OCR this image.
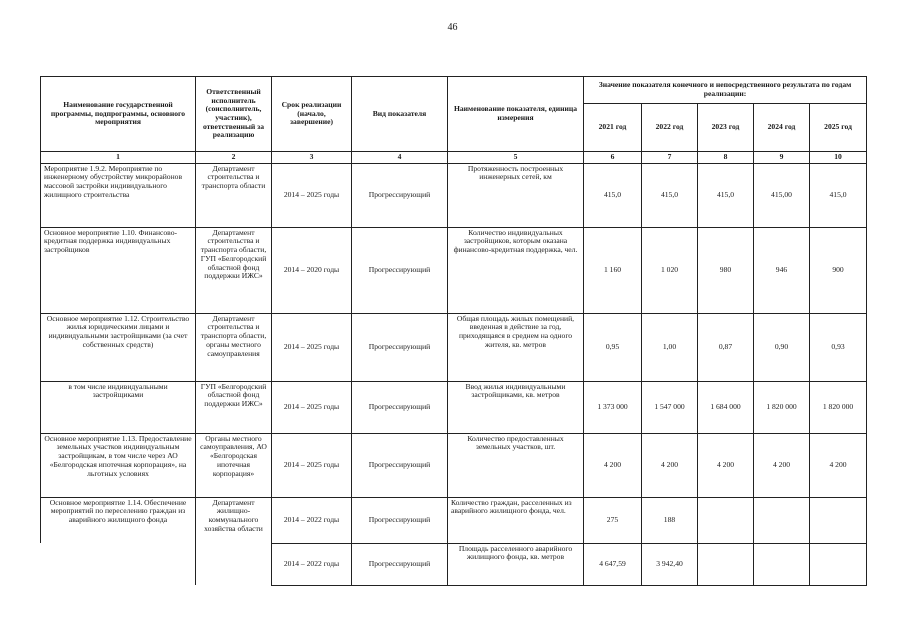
46
Наименование государственной программы, подпрограммы, основного мероприятия	Ответственный исполнитель (соисполнитель, участник), ответственный за реализацию	Срок реализации (начало, завершение)	Вид показателя	Наименование показателя, единица измерения	Значение показателя конечного и непосредственного результата по годам реализации:				
					2021 год	2022 год	2023 год	2024 год	2025 год
1	2	3	4	5	6	7	8	9	10
Мероприятие 1.9.2. Мероприятие по инженерному обустройству микрорайонов массовой застройки индивидуального жилищного строительства	Департамент строительства и транспорта области	2014 – 2025 годы	Прогрессирующий	Протяженность построенных инженерных сетей, км	415,0	415,0	415,0	415,00	415,0
Основное мероприятие 1.10. Финансово-кредитная поддержка индивидуальных застройщиков	Департамент строительства и транспорта области, ГУП «Белгородский областной фонд поддержки ИЖС»	2014 – 2020 годы	Прогрессирующий	Количество индивидуальных застройщиков, которым оказана финансово-кредитная поддержка, чел.	1 160	1 020	980	946	900
Основное мероприятие 1.12. Строительство жилья юридическими лицами и индивидуальными застройщиками (за счет собственных средств)	Департамент строительства и транспорта области, органы местного самоуправления	2014 – 2025 годы	Прогрессирующий	Общая площадь жилых помещений, введенная в действие за год, приходящаяся в среднем на одного жителя, кв. метров	0,95	1,00	0,87	0,90	0,93
в том числе индивидуальными застройщиками	ГУП «Белгородский областной фонд поддержки ИЖС»	2014 – 2025 годы	Прогрессирующий	Ввод жилья индивидуальными застройщиками, кв. метров	1 373 000	1 547 000	1 684 000	1 820 000	1 820 000
Основное мероприятие 1.13. Предоставление земельных участков индивидуальным застройщикам, в том числе через АО «Белгородская ипотечная корпорация», на льготных условиях	Органы местного самоуправления, АО «Белгородская ипотечная корпорация»	2014 – 2025 годы	Прогрессирующий	Количество предоставленных земельных участков, шт.	4 200	4 200	4 200	4 200	4 200
Основное мероприятие 1.14. Обеспечение мероприятий по переселению граждан из аварийного жилищного фонда	Департамент жилищно-коммунального хозяйства области	2014 – 2022 годы	Прогрессирующий	Количество граждан, расселенных из аварийного жилищного фонда, чел.	275	188			
		2014 – 2022 годы	Прогрессирующий	Площадь расселенного аварийного жилищного фонда, кв. метров	4 647,59	3 942,40			
